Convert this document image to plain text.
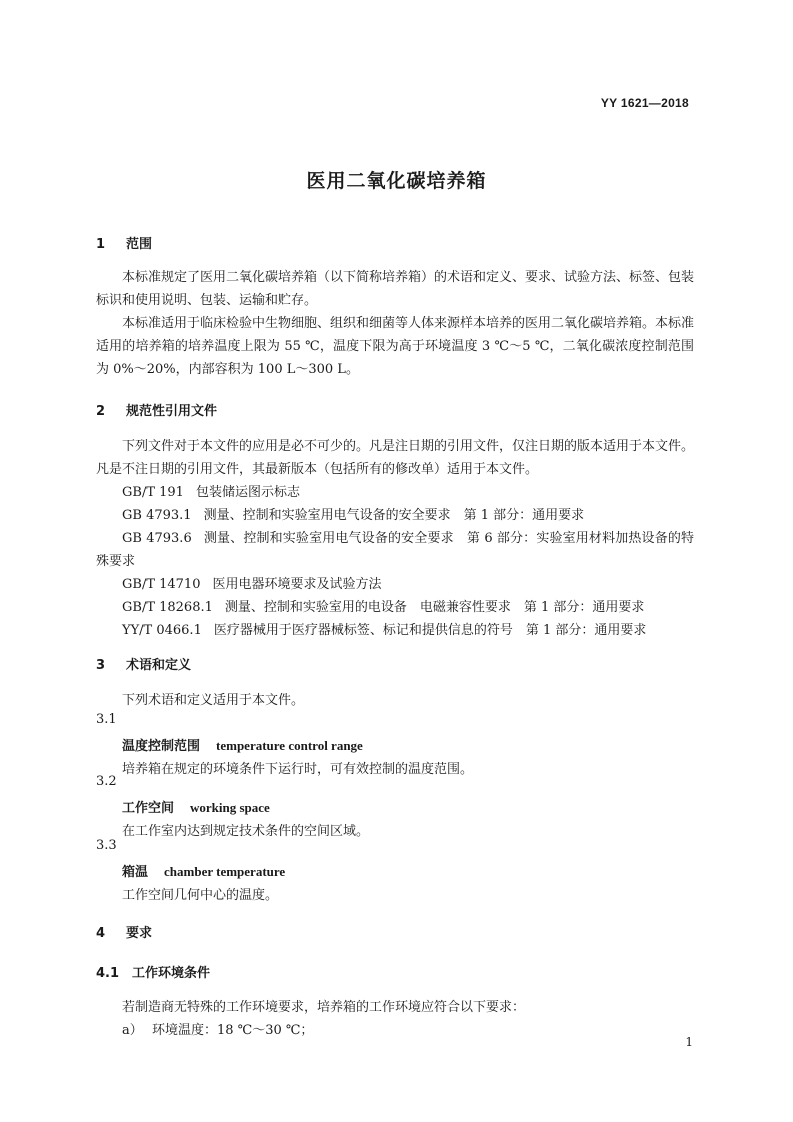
YY 1621—2018
医用二氧化碳培养箱
1 范围
本标准规定了医用二氧化碳培养箱（以下简称培养箱）的术语和定义、要求、试验方法、标签、包装标识和使用说明、包装、运输和贮存。
本标准适用于临床检验中生物细胞、组织和细菌等人体来源样本培养的医用二氧化碳培养箱。本标准适用的培养箱的培养温度上限为 55 ℃，温度下限为高于环境温度 3 ℃～5 ℃，二氧化碳浓度控制范围为 0%～20%，内部容积为 100 L～300 L。
2 规范性引用文件
下列文件对于本文件的应用是必不可少的。凡是注日期的引用文件，仅注日期的版本适用于本文件。凡是不注日期的引用文件，其最新版本（包括所有的修改单）适用于本文件。
GB/T 191 包装储运图示标志
GB 4793.1 测量、控制和实验室用电气设备的安全要求　第 1 部分：通用要求
GB 4793.6 测量、控制和实验室用电气设备的安全要求　第 6 部分：实验室用材料加热设备的特殊要求
GB/T 14710 医用电器环境要求及试验方法
GB/T 18268.1 测量、控制和实验室用的电设备　电磁兼容性要求　第 1 部分：通用要求
YY/T 0466.1 医疗器械用于医疗器械标签、标记和提供信息的符号　第 1 部分：通用要求
3 术语和定义
下列术语和定义适用于本文件。
3.1
温度控制范围 temperature control range
培养箱在规定的环境条件下运行时，可有效控制的温度范围。
3.2
工作空间 working space
在工作室内达到规定技术条件的空间区域。
3.3
箱温 chamber temperature
工作空间几何中心的温度。
4 要求
4.1 工作环境条件
若制造商无特殊的工作环境要求，培养箱的工作环境应符合以下要求：
a） 环境温度：18 ℃～30 ℃；
1
